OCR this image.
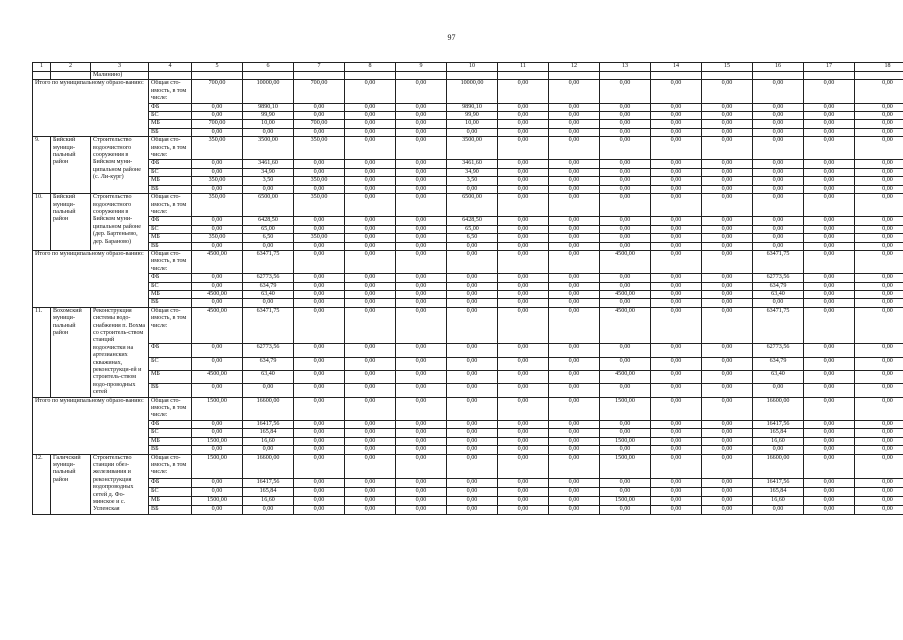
97
1	2	3	4	5	6	7	8	9	10	11	12	13	14	15	16	17	18
		Малинино)															
Итого по муниципальному образо-ванию:			Общая сто-имость, в том числе:	700,00	10000,00	700,00	0,00	0,00	10000,00	0,00	0,00	0,00	0,00	0,00	0,00	0,00	0,00
			ФБ	0,00	9890,10	0,00	0,00	0,00	9890,10	0,00	0,00	0,00	0,00	0,00	0,00	0,00	0,00
			БС	0,00	99,90	0,00	0,00	0,00	99,90	0,00	0,00	0,00	0,00	0,00	0,00	0,00	0,00
			МБ	700,00	10,00	700,00	0,00	0,00	10,00	0,00	0,00	0,00	0,00	0,00	0,00	0,00	0,00
			ВБ	0,00	0,00	0,00	0,00	0,00	0,00	0,00	0,00	0,00	0,00	0,00	0,00	0,00	0,00
9.	Бийский муници-пальный район	Строительство водоочистного сооружения в Бийском муни-ципальном районе (с. Ли-кург)	Общая сто-имость, в том числе:	350,00	3500,00	350,00	0,00	0,00	3500,00	0,00	0,00	0,00	0,00	0,00	0,00	0,00	0,00
			ФБ	0,00	3461,60	0,00	0,00	0,00	3461,60	0,00	0,00	0,00	0,00	0,00	0,00	0,00	0,00
			БС	0,00	34,90	0,00	0,00	0,00	34,90	0,00	0,00	0,00	0,00	0,00	0,00	0,00	0,00
			МБ	350,00	3,50	350,00	0,00	0,00	3,50	0,00	0,00	0,00	0,00	0,00	0,00	0,00	0,00
			ВБ	0,00	0,00	0,00	0,00	0,00	0,00	0,00	0,00	0,00	0,00	0,00	0,00	0,00	0,00
10.	Бийский муници-пальный район	Строительство водоочистного сооружения в Бийском муни-ципальном районе (дер. Бартеньево, дер. Бараново)	Общая сто-имость, в том числе:	350,00	6500,00	350,00	0,00	0,00	6500,00	0,00	0,00	0,00	0,00	0,00	0,00	0,00	0,00
			ФБ	0,00	6428,50	0,00	0,00	0,00	6428,50	0,00	0,00	0,00	0,00	0,00	0,00	0,00	0,00
			БС	0,00	65,00	0,00	0,00	0,00	65,00	0,00	0,00	0,00	0,00	0,00	0,00	0,00	0,00
			МБ	350,00	6,50	350,00	0,00	0,00	6,50	0,00	0,00	0,00	0,00	0,00	0,00	0,00	0,00
			ВБ	0,00	0,00	0,00	0,00	0,00	0,00	0,00	0,00	0,00	0,00	0,00	0,00	0,00	0,00
Итого по муниципальному образо-ванию:			Общая сто-имость, в том числе:	4500,00	63471,75	0,00	0,00	0,00	0,00	0,00	0,00	4500,00	0,00	0,00	63471,75	0,00	0,00
			ФБ	0,00	62773,56	0,00	0,00	0,00	0,00	0,00	0,00	0,00	0,00	0,00	62773,56	0,00	0,00
			БС	0,00	634,79	0,00	0,00	0,00	0,00	0,00	0,00	0,00	0,00	0,00	634,79	0,00	0,00
			МБ	4500,00	63,40	0,00	0,00	0,00	0,00	0,00	0,00	4500,00	0,00	0,00	63,40	0,00	0,00
			ВБ	0,00	0,00	0,00	0,00	0,00	0,00	0,00	0,00	0,00	0,00	0,00	0,00	0,00	0,00
11.	Вохомский муници-пальный район	Реконструкция системы водо-снабжения п. Вохма со строитель-ством станций водоочистки на артезианских скважинах, реконструкци-ей и строитель-ством водо-проводных сетей	Общая сто-имость, в том числе:	4500,00	63471,75	0,00	0,00	0,00	0,00	0,00	0,00	4500,00	0,00	0,00	63471,75	0,00	0,00
			ФБ	0,00	62773,56	0,00	0,00	0,00	0,00	0,00	0,00	0,00	0,00	0,00	62773,56	0,00	0,00
			БС	0,00	634,79	0,00	0,00	0,00	0,00	0,00	0,00	0,00	0,00	0,00	634,79	0,00	0,00
			МБ	4500,00	63,40	0,00	0,00	0,00	0,00	0,00	0,00	4500,00	0,00	0,00	63,40	0,00	0,00
			ВБ	0,00	0,00	0,00	0,00	0,00	0,00	0,00	0,00	0,00	0,00	0,00	0,00	0,00	0,00
Итого по муниципальному образо-ванию:			Общая сто-имость, в том числе:	1500,00	16600,00	0,00	0,00	0,00	0,00	0,00	0,00	1500,00	0,00	0,00	16600,00	0,00	0,00
			ФБ	0,00	16417,56	0,00	0,00	0,00	0,00	0,00	0,00	0,00	0,00	0,00	16417,56	0,00	0,00
			БС	0,00	165,84	0,00	0,00	0,00	0,00	0,00	0,00	0,00	0,00	0,00	165,84	0,00	0,00
			МБ	1500,00	16,60	0,00	0,00	0,00	0,00	0,00	0,00	1500,00	0,00	0,00	16,60	0,00	0,00
			ВБ	0,00	0,00	0,00	0,00	0,00	0,00	0,00	0,00	0,00	0,00	0,00	0,00	0,00	0,00
12.	Галичский муници-пальный район	Строительство станции обез-железивания и реконструкция водопроводных сетей д. Фо-минское и с. Успенская	Общая сто-имость, в том числе:	1500,00	16600,00	0,00	0,00	0,00	0,00	0,00	0,00	1500,00	0,00	0,00	16600,00	0,00	0,00
			ФБ	0,00	16417,56	0,00	0,00	0,00	0,00	0,00	0,00	0,00	0,00	0,00	16417,56	0,00	0,00
			БС	0,00	165,84	0,00	0,00	0,00	0,00	0,00	0,00	0,00	0,00	0,00	165,84	0,00	0,00
			МБ	1500,00	16,60	0,00	0,00	0,00	0,00	0,00	0,00	1500,00	0,00	0,00	16,60	0,00	0,00
			ВБ	0,00	0,00	0,00	0,00	0,00	0,00	0,00	0,00	0,00	0,00	0,00	0,00	0,00	0,00
